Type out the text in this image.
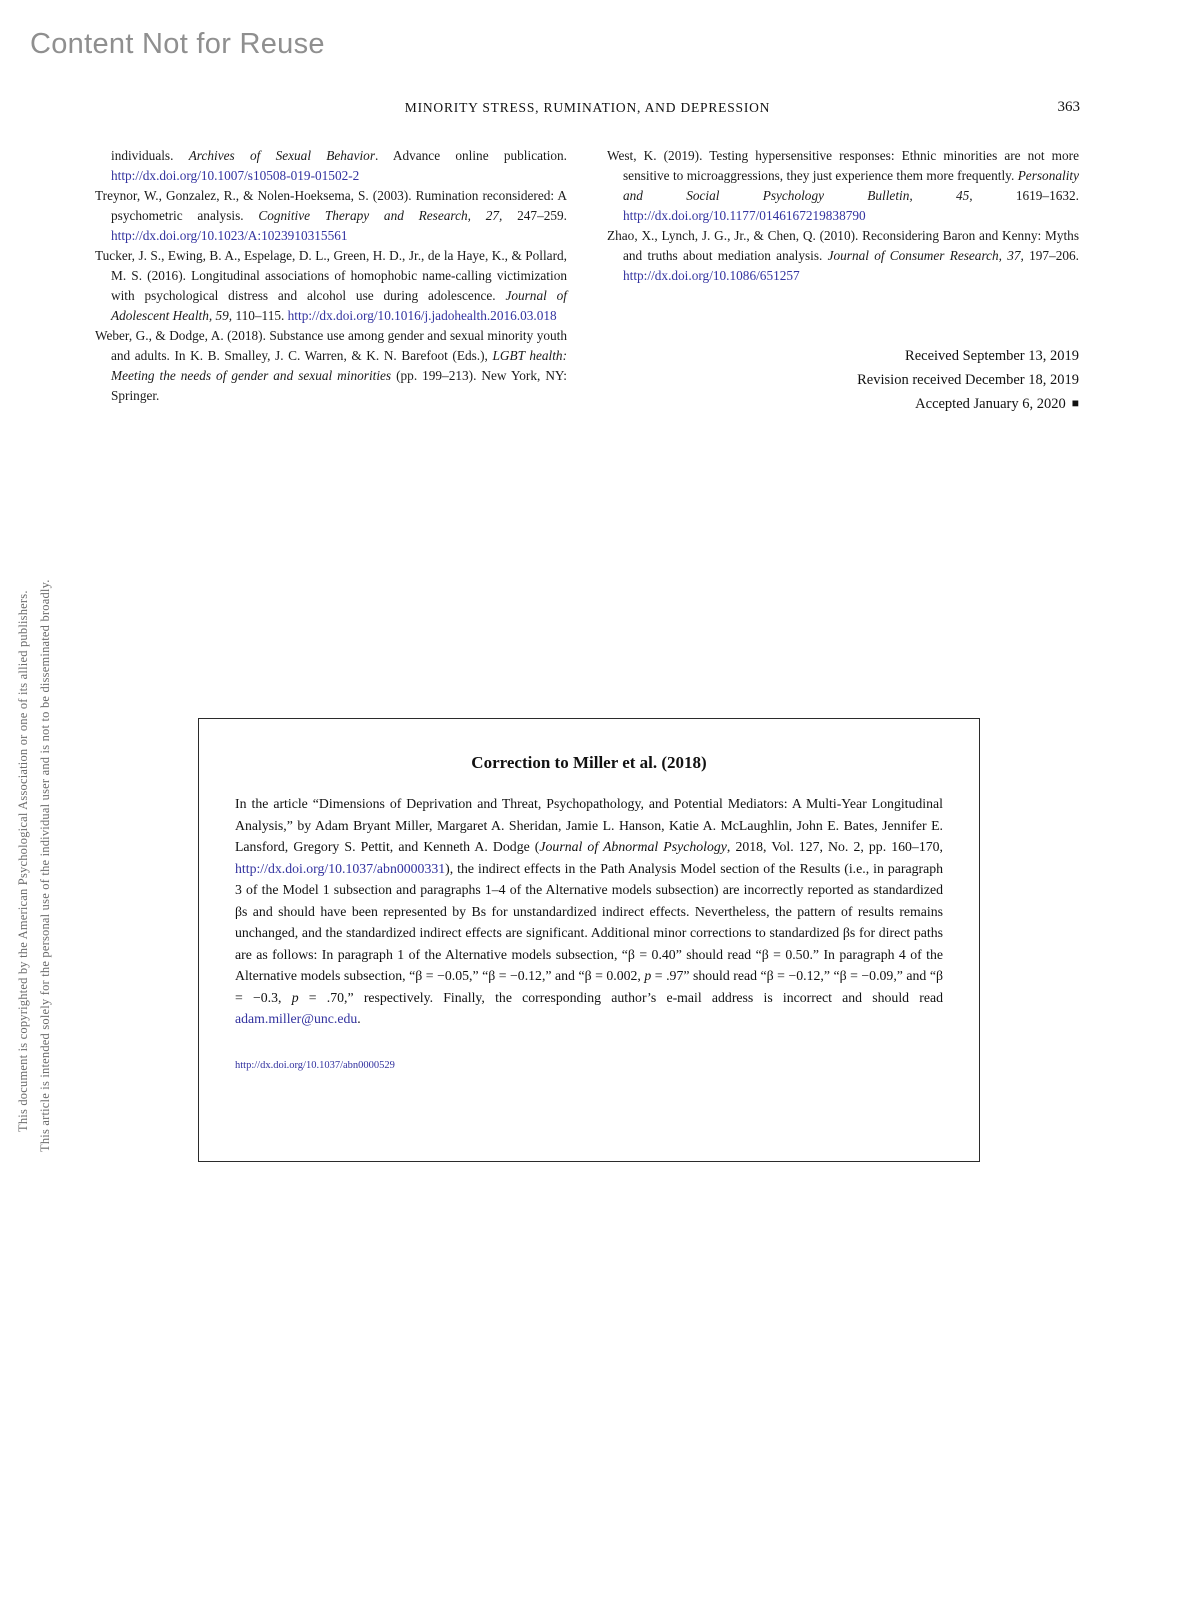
Content Not for Reuse
MINORITY STRESS, RUMINATION, AND DEPRESSION	363
This document is copyrighted by the American Psychological Association or one of its allied publishers. This article is intended solely for the personal use of the individual user and is not to be disseminated broadly.

individuals. Archives of Sexual Behavior. Advance online publication. http://dx.doi.org/10.1007/s10508-019-01502-2

Treynor, W., Gonzalez, R., & Nolen-Hoeksema, S. (2003). Rumination reconsidered: A psychometric analysis. Cognitive Therapy and Research, 27, 247–259. http://dx.doi.org/10.1023/A:1023910315561

Tucker, J. S., Ewing, B. A., Espelage, D. L., Green, H. D., Jr., de la Haye, K., & Pollard, M. S. (2016). Longitudinal associations of homophobic name-calling victimization with psychological distress and alcohol use during adolescence. Journal of Adolescent Health, 59, 110–115. http://dx.doi.org/10.1016/j.jadohealth.2016.03.018

Weber, G., & Dodge, A. (2018). Substance use among gender and sexual minority youth and adults. In K. B. Smalley, J. C. Warren, & K. N. Barefoot (Eds.), LGBT health: Meeting the needs of gender and sexual minorities (pp. 199–213). New York, NY: Springer.

West, K. (2019). Testing hypersensitive responses: Ethnic minorities are not more sensitive to microaggressions, they just experience them more frequently. Personality and Social Psychology Bulletin, 45, 1619–1632. http://dx.doi.org/10.1177/0146167219838790

Zhao, X., Lynch, J. G., Jr., & Chen, Q. (2010). Reconsidering Baron and Kenny: Myths and truths about mediation analysis. Journal of Consumer Research, 37, 197–206. http://dx.doi.org/10.1086/651257

Received September 13, 2019
Revision received December 18, 2019
Accepted January 6, 2020 ■
Correction to Miller et al. (2018)

In the article “Dimensions of Deprivation and Threat, Psychopathology, and Potential Mediators: A Multi-Year Longitudinal Analysis,” by Adam Bryant Miller, Margaret A. Sheridan, Jamie L. Hanson, Katie A. McLaughlin, John E. Bates, Jennifer E. Lansford, Gregory S. Pettit, and Kenneth A. Dodge (Journal of Abnormal Psychology, 2018, Vol. 127, No. 2, pp. 160–170, http://dx.doi.org/10.1037/abn0000331), the indirect effects in the Path Analysis Model section of the Results (i.e., in paragraph 3 of the Model 1 subsection and paragraphs 1–4 of the Alternative models subsection) are incorrectly reported as standardized βs and should have been represented by Bs for unstandardized indirect effects. Nevertheless, the pattern of results remains unchanged, and the standardized indirect effects are significant. Additional minor corrections to standardized βs for direct paths are as follows: In paragraph 1 of the Alternative models subsection, “β = 0.40” should read “β = 0.50.” In paragraph 4 of the Alternative models subsection, “β = −0.05,” “β = −0.12,” and “β = 0.002, p = .97” should read “β = −0.12,” “β = −0.09,” and “β = −0.3, p = .70,” respectively. Finally, the corresponding author’s e-mail address is incorrect and should read adam.miller@unc.edu.

http://dx.doi.org/10.1037/abn0000529
